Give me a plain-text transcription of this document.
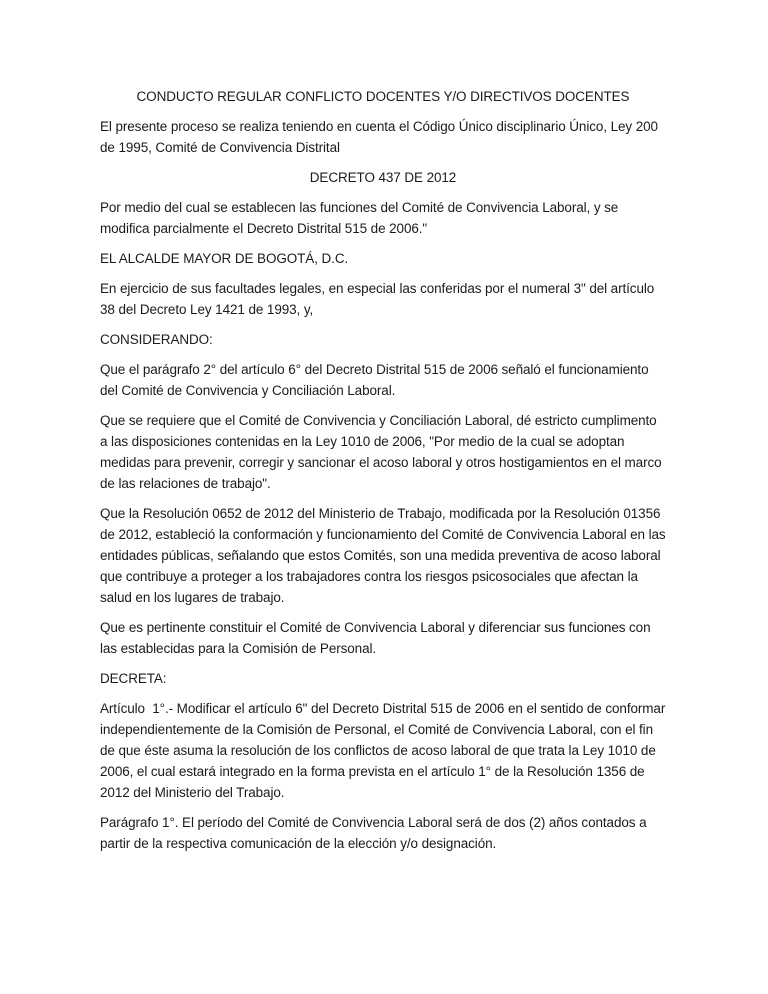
CONDUCTO REGULAR CONFLICTO DOCENTES Y/O DIRECTIVOS DOCENTES

El presente proceso se realiza teniendo en cuenta el Código Único disciplinario Único, Ley 200 de 1995, Comité de Convivencia Distrital

DECRETO 437 DE 2012

Por medio del cual se establecen las funciones del Comité de Convivencia Laboral, y se modifica parcialmente el Decreto Distrital 515 de 2006."

EL ALCALDE MAYOR DE BOGOTÁ, D.C.

En ejercicio de sus facultades legales, en especial las conferidas por el numeral 3" del artículo 38 del Decreto Ley 1421 de 1993, y,

CONSIDERANDO:

Que el parágrafo 2° del artículo 6° del Decreto Distrital 515 de 2006 señaló el funcionamiento del Comité de Convivencia y Conciliación Laboral.

Que se requiere que el Comité de Convivencia y Conciliación Laboral, dé estricto cumplimento a las disposiciones contenidas en la Ley 1010 de 2006, "Por medio de la cual se adoptan medidas para prevenir, corregir y sancionar el acoso laboral y otros hostigamientos en el marco de las relaciones de trabajo".

Que la Resolución 0652 de 2012 del Ministerio de Trabajo, modificada por la Resolución 01356 de 2012, estableció la conformación y funcionamiento del Comité de Convivencia Laboral en las entidades públicas, señalando que estos Comités, son una medida preventiva de acoso laboral que contribuye a proteger a los trabajadores contra los riesgos psicosociales que afectan la salud en los lugares de trabajo.

Que es pertinente constituir el Comité de Convivencia Laboral y diferenciar sus funciones con las establecidas para la Comisión de Personal.

DECRETA:

Artículo  1°.- Modificar el artículo 6" del Decreto Distrital 515 de 2006 en el sentido de conformar independientemente de la Comisión de Personal, el Comité de Convivencia Laboral, con el fin de que éste asuma la resolución de los conflictos de acoso laboral de que trata la Ley 1010 de 2006, el cual estará integrado en la forma prevista en el artículo 1° de la Resolución 1356 de 2012 del Ministerio del Trabajo.

Parágrafo 1°. El período del Comité de Convivencia Laboral será de dos (2) años contados a partir de la respectiva comunicación de la elección y/o designación.
